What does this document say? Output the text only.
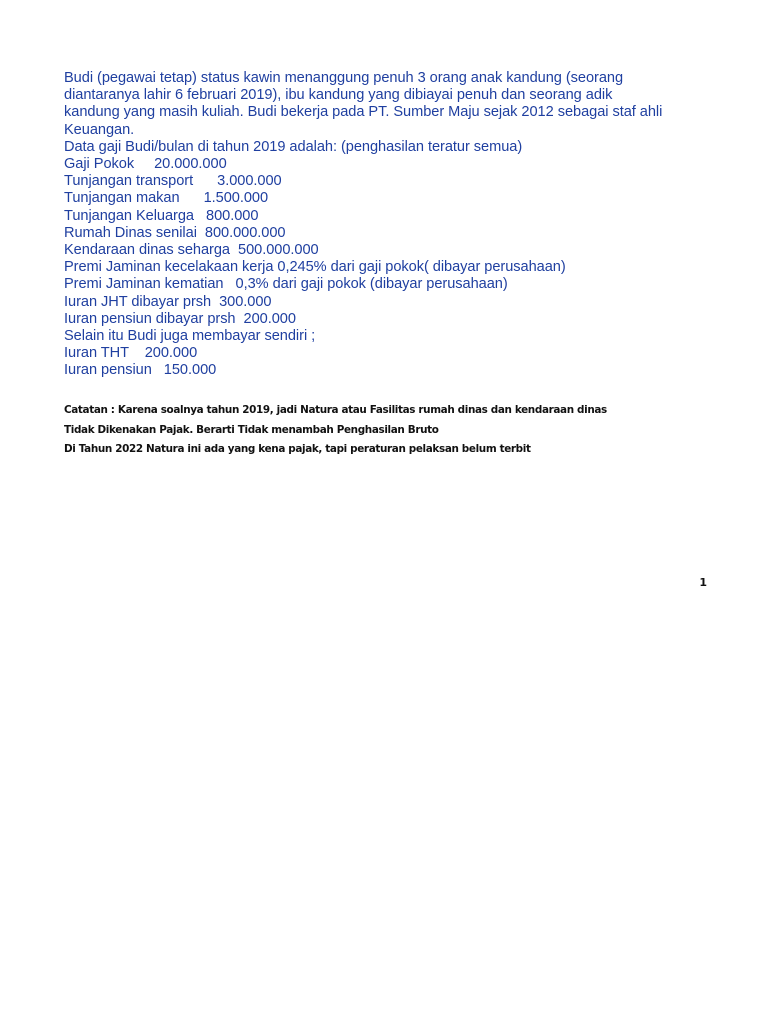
Budi (pegawai tetap) status kawin menanggung penuh 3 orang anak kandung (seorang
diantaranya lahir 6 februari 2019), ibu kandung yang dibiayai penuh dan seorang adik
kandung yang masih kuliah. Budi bekerja pada PT. Sumber Maju sejak 2012 sebagai staf ahli
Keuangan.
Data gaji Budi/bulan di tahun 2019 adalah: (penghasilan teratur semua)
Gaji Pokok     20.000.000
Tunjangan transport      3.000.000
Tunjangan makan      1.500.000
Tunjangan Keluarga   800.000
Rumah Dinas senilai  800.000.000
Kendaraan dinas seharga  500.000.000
Premi Jaminan kecelakaan kerja 0,245% dari gaji pokok( dibayar perusahaan)
Premi Jaminan kematian   0,3% dari gaji pokok (dibayar perusahaan)
Iuran JHT dibayar prsh  300.000
Iuran pensiun dibayar prsh  200.000
Selain itu Budi juga membayar sendiri ;
Iuran THT    200.000
Iuran pensiun   150.000
Catatan : Karena soalnya tahun 2019, jadi Natura atau Fasilitas rumah dinas dan kendaraan dinas
Tidak Dikenakan Pajak. Berarti Tidak menambah Penghasilan Bruto
Di Tahun 2022 Natura ini ada yang kena pajak, tapi peraturan pelaksan belum terbit
1
